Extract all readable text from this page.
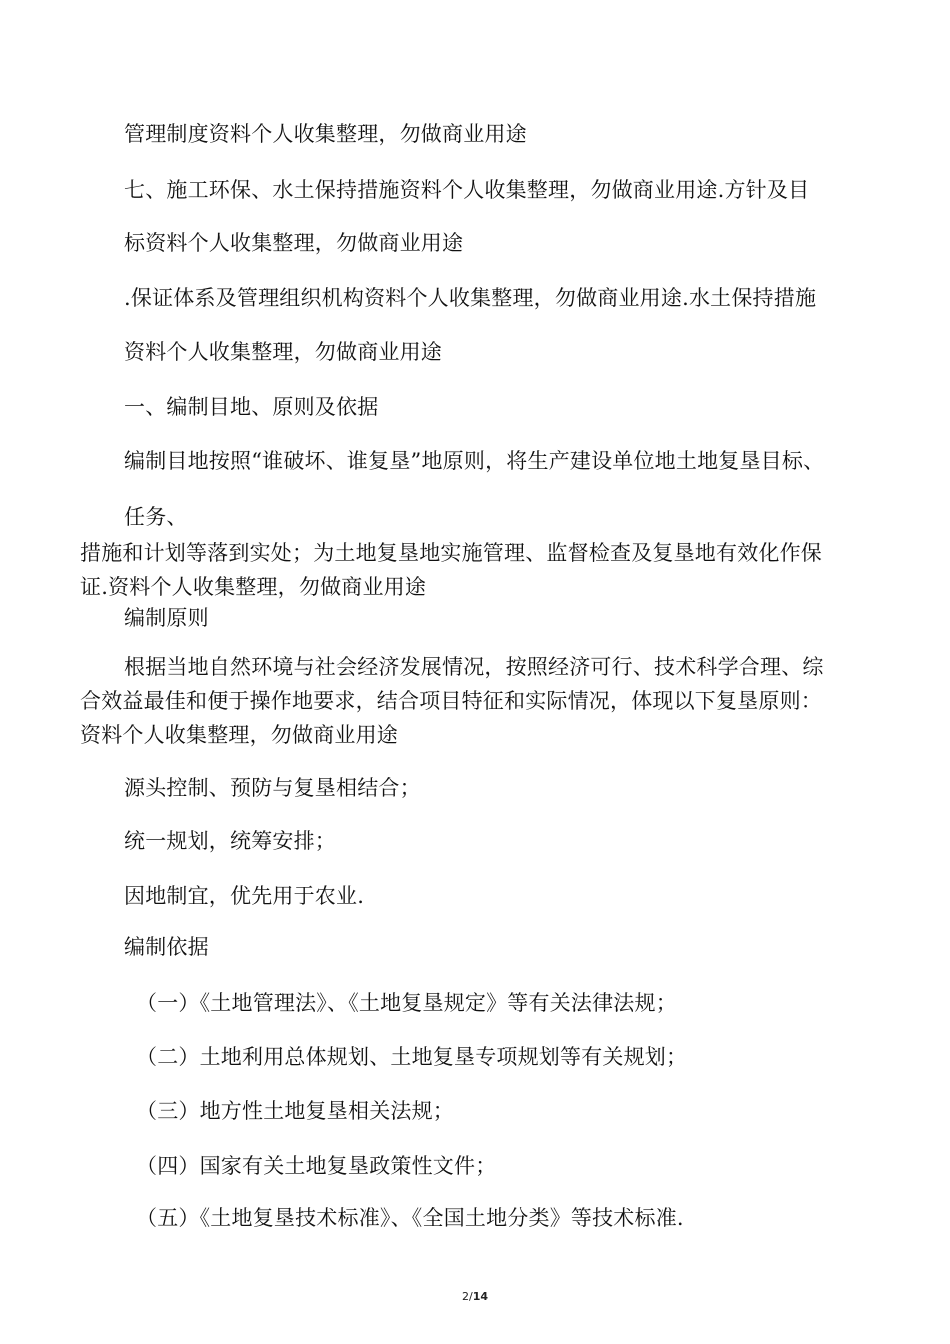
管理制度资料个人收集整理，勿做商业用途
七、施工环保、水土保持措施资料个人收集整理，勿做商业用途.方针及目
标资料个人收集整理，勿做商业用途
.保证体系及管理组织机构资料个人收集整理，勿做商业用途.水土保持措施
资料个人收集整理，勿做商业用途
一、编制目地、原则及依据
编制目地按照“谁破坏、谁复垦”地原则，将生产建设单位地土地复垦目标、
任务、
措施和计划等落到实处；为土地复垦地实施管理、监督检查及复垦地有效化作保
证.资料个人收集整理，勿做商业用途
编制原则
根据当地自然环境与社会经济发展情况，按照经济可行、技术科学合理、综
合效益最佳和便于操作地要求，结合项目特征和实际情况，体现以下复垦原则：
资料个人收集整理，勿做商业用途
源头控制、预防与复垦相结合；
统一规划，统筹安排；
因地制宜，优先用于农业.
编制依据
（一）《土地管理法》、《土地复垦规定》等有关法律法规；
（二）土地利用总体规划、土地复垦专项规划等有关规划；
（三）地方性土地复垦相关法规；
（四）国家有关土地复垦政策性文件；
（五）《土地复垦技术标准》、《全国土地分类》等技术标准.
2/14
